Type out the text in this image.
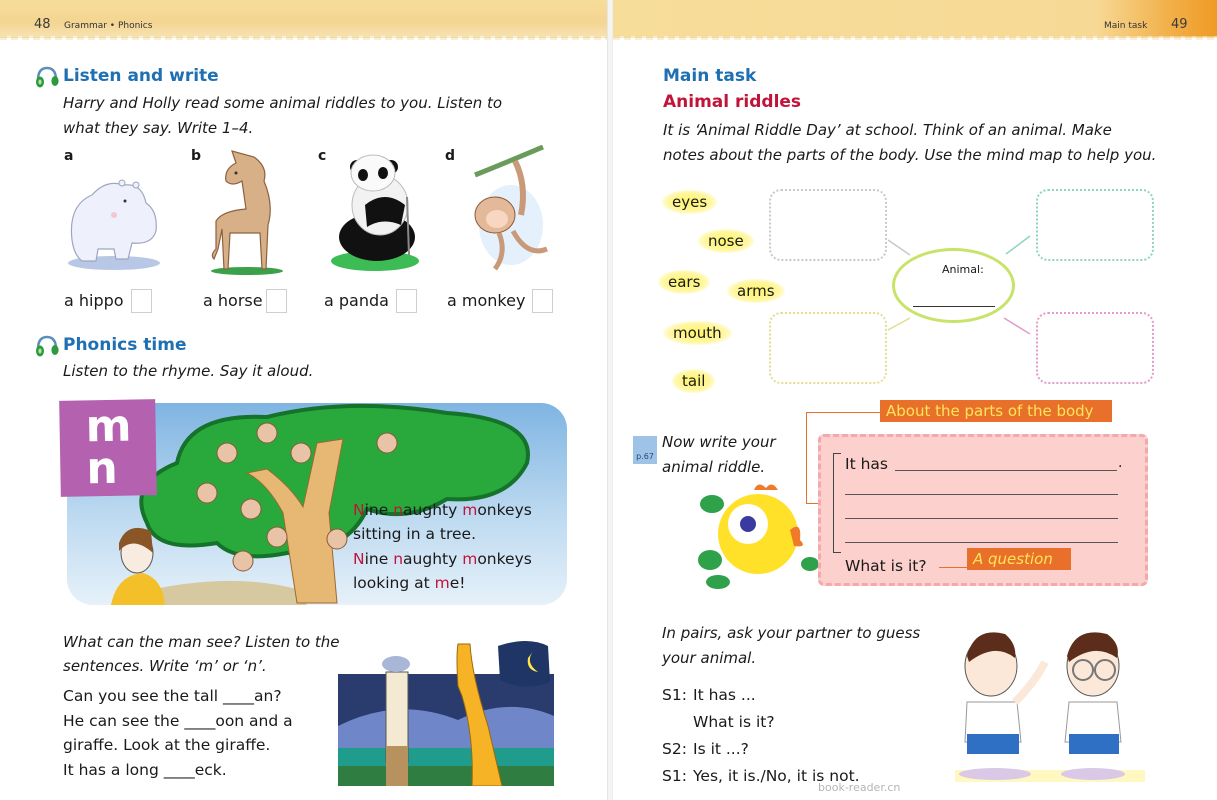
48 Grammar • Phonics
Listen and write
Harry and Holly read some animal riddles to you. Listen to
what they say. Write 1–4.
a	b	c	d
a hippo	a horse	a panda	a monkey
Phonics time
Listen to the rhyme. Say it aloud.
m
n
Nine naughty monkeys
sitting in a tree.
Nine naughty monkeys
looking at me!
What can the man see? Listen to the
sentences. Write ‘m’ or ‘n’.
Can you see the tall ____an?
He can see the ____oon and a
giraffe. Look at the giraffe.
It has a long ____eck.
Main task 49
Main task
Animal riddles
It is ‘Animal Riddle Day’ at school. Think of an animal. Make
notes about the parts of the body. Use the mind map to help you.
eyes
nose
ears	arms
mouth
tail
Animal:
p.67
Now write your
animal riddle.
About the parts of the body
It has	.
What is it?	A question
In pairs, ask your partner to guess
your animal.
S1: It has ...
What is it?
S2: Is it ...?
S1: Yes, it is./No, it is not.
book-reader.cn
